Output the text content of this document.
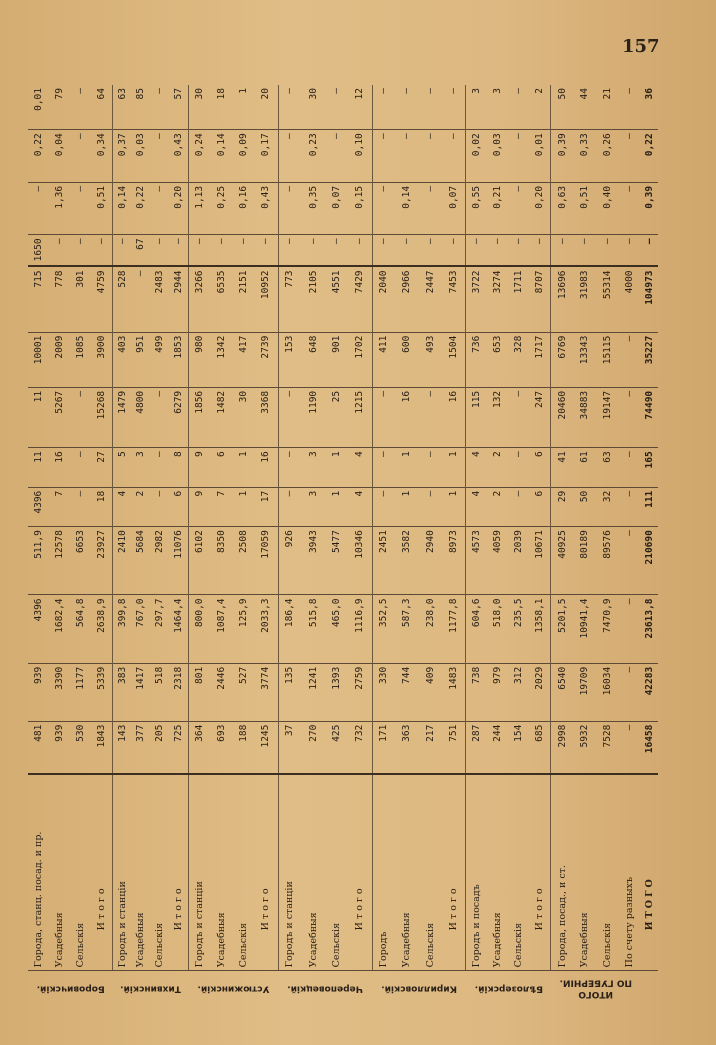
157
Боровичскій.	Города, станц. посад. и пр.	481	939	4396	511,9	4396	11	11	10001	715	1650	—	0,22	0,01
	Усадебныя	939	3390	1682,4	12578	7	16	5267	2009	778	—	1,36	0,04	79
	Сельскія	530	1177	564,8	6653	—	—	—	1085	301	—	—	—	—
	Итого	1843	5339	2638,9	23927	18	27	15268	3900	4759	—	0,51	0,34	64
Тихвинскій.	Городъ и станціи	143	383	399,8	2410	4	5	1479	403	528	—	0,14	0,37	63
	Усадебныя	377	1417	767,0	5684	2	3	4800	951	—	67	0,22	0,03	85
	Сельскія	205	518	297,7	2982	—	—	—	499	2483	—	—	—	—
	Итого	725	2318	1464,4	11076	6	8	6279	1853	2944	—	0,20	0,43	57
Устюжинскій.	Городъ и станціи	364	801	800,0	6102	9	9	1856	980	3266	—	1,13	0,24	30
	Усадебныя	693	2446	1087,4	8350	7	6	1482	1342	6535	—	0,25	0,14	18
	Сельскія	188	527	125,9	2508	1	1	30	417	2151	—	0,16	0,09	1
	Итого	1245	3774	2033,3	17059	17	16	3368	2739	10952	—	0,43	0,17	20
Череповецкій.	Городъ и станціи	37	135	186,4	926	—	—	—	153	773	—	—	—	—
	Усадебныя	270	1241	515,8	3943	3	3	1190	648	2105	—	0,35	0,23	30
	Сельскія	425	1393	465,0	5477	1	1	25	901	4551	—	0,07	—	—
	Итого	732	2759	1116,9	10346	4	4	1215	1702	7429	—	0,15	0,10	12
Кирилловскій.	Городъ	171	330	352,5	2451	—	—	—	411	2040	—	—	—	—
	Усадебныя	363	744	587,3	3582	1	1	16	600	2966	—	0,14	—	—
	Сельскія	217	409	238,0	2940	—	—	—	493	2447	—	—	—	—
	Итого	751	1483	1177,8	8973	1	1	16	1504	7453	—	0,07	—	—
Бѣлозерскій.	Городъ и посадъ	287	738	604,6	4573	4	4	115	736	3722	—	0,55	0,02	3
	Усадебныя	244	979	518,0	4059	2	2	132	653	3274	—	0,21	0,03	3
	Сельскія	154	312	235,5	2039	—	—	—	328	1711	—	—	—	—
	Итого	685	2029	1358,1	10671	6	6	247	1717	8707	—	0,20	0,01	2

ИТОГО
ПО ГУБЕРНІИ.	Города, посад., и ст.	2998	6540	5201,5	40925	29	41	20460	6769	13696	—	0,63	0,39	50
	Усадебныя	5932	19709	10941,4	80189	50	61	34883	13343	31983	—	0,51	0,33	44
	Сельскія	7528	16034	7470,9	89576	32	63	19147	15115	55314	—	0,40	0,26	21
	По счету разныхъ	—	—	—	—	—	—	—	—	4000	—	—	—	—
	ИТОГО	16458	42283	23613,8	210690	111	165	74490	35227	104973	—	0,39	0,22	36
